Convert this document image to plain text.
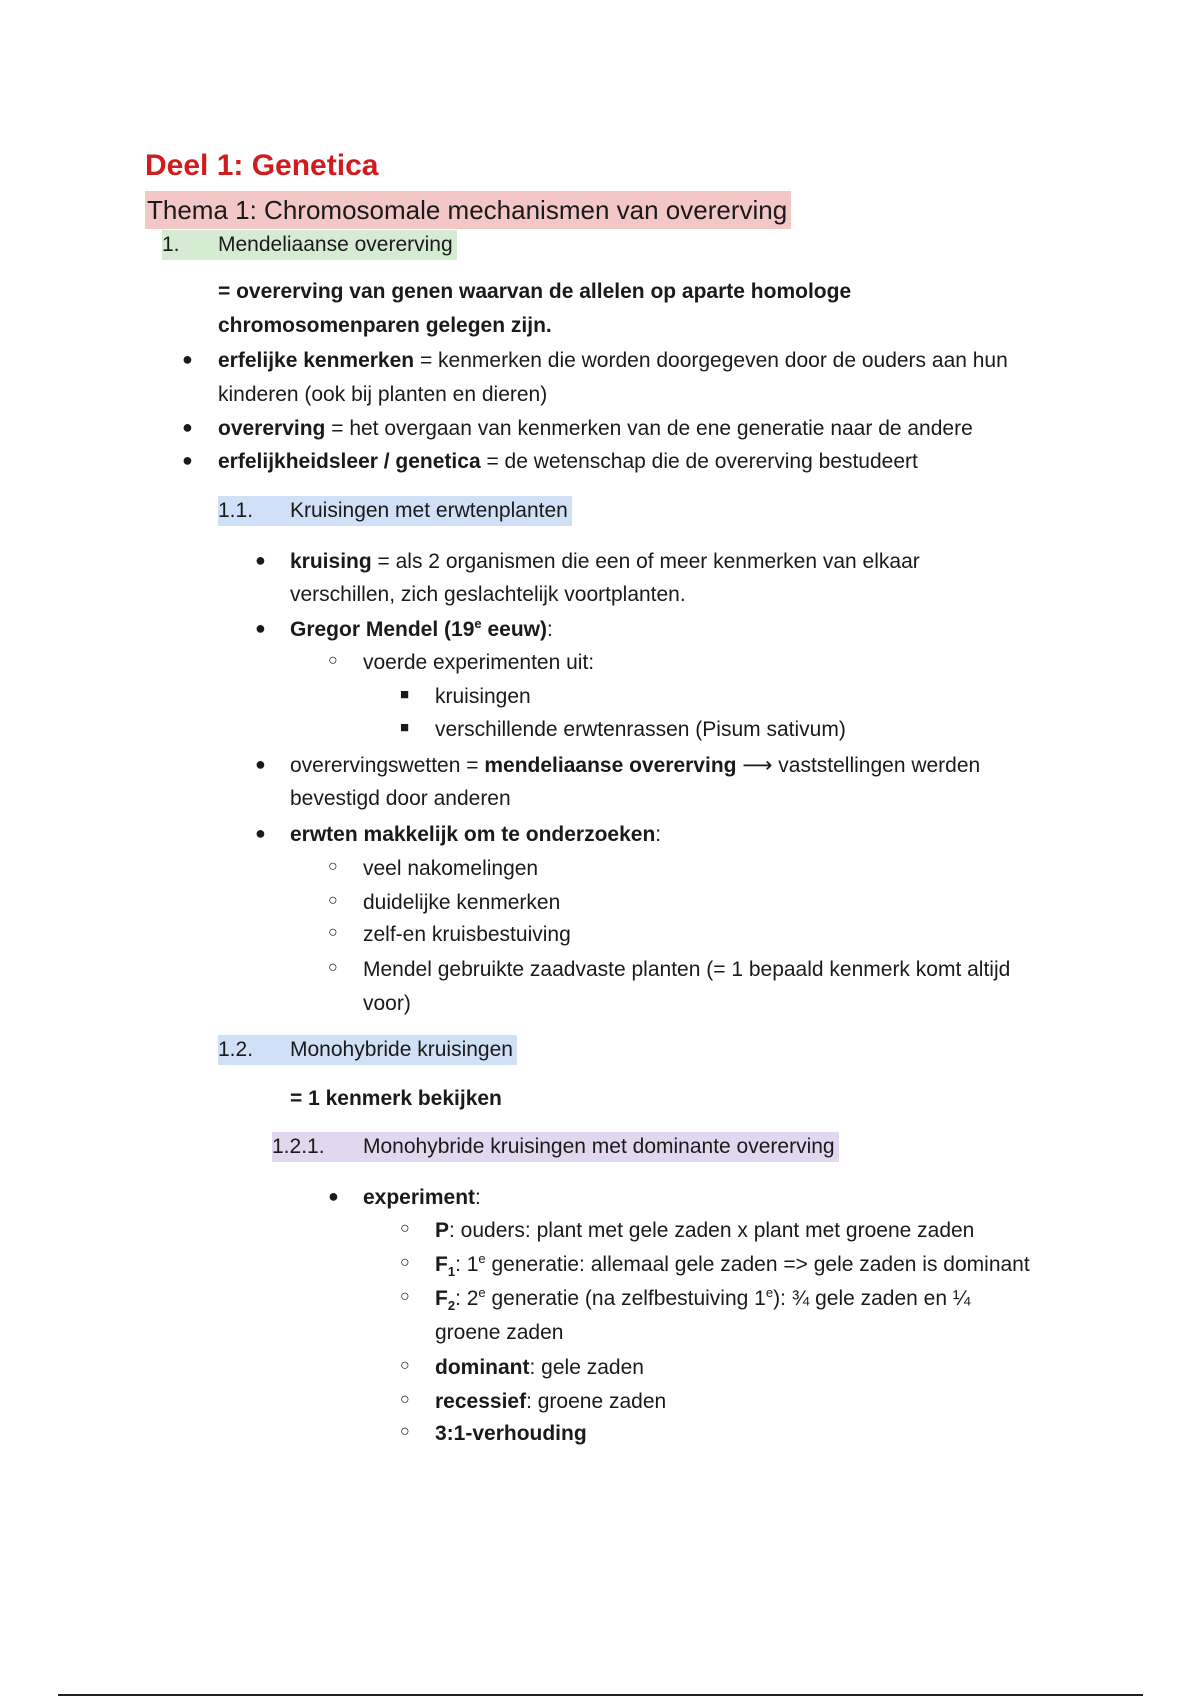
Deel 1: Genetica
Thema 1: Chromosomale mechanismen van overerving
1. Mendeliaanse overerving
= overerving van genen waarvan de allelen op aparte homologe
chromosomenparen gelegen zijn.
● erfelijke kenmerken = kenmerken die worden doorgegeven door de ouders aan hun
kinderen (ook bij planten en dieren)
● overerving = het overgaan van kenmerken van de ene generatie naar de andere
● erfelijkheidsleer / genetica = de wetenschap die de overerving bestudeert
1.1. Kruisingen met erwtenplanten
● kruising = als 2 organismen die een of meer kenmerken van elkaar
verschillen, zich geslachtelijk voortplanten.
● Gregor Mendel (19e eeuw):
○ voerde experimenten uit:
■ kruisingen
■ verschillende erwtenrassen (Pisum sativum)
● overervingswetten = mendeliaanse overerving ⟶ vaststellingen werden
bevestigd door anderen
● erwten makkelijk om te onderzoeken:
○ veel nakomelingen
○ duidelijke kenmerken
○ zelf-en kruisbestuiving
○ Mendel gebruikte zaadvaste planten (= 1 bepaald kenmerk komt altijd
voor)
1.2. Monohybride kruisingen
= 1 kenmerk bekijken
1.2.1. Monohybride kruisingen met dominante overerving
● experiment:
○ P: ouders: plant met gele zaden x plant met groene zaden
○ $F_1$: 1e generatie: allemaal gele zaden => gele zaden is dominant
○ $F_2$: 2e generatie (na zelfbestuiving 1e): ¾ gele zaden en ¼
groene zaden
○ dominant: gele zaden
○ recessief: groene zaden
○ 3:1-verhouding
